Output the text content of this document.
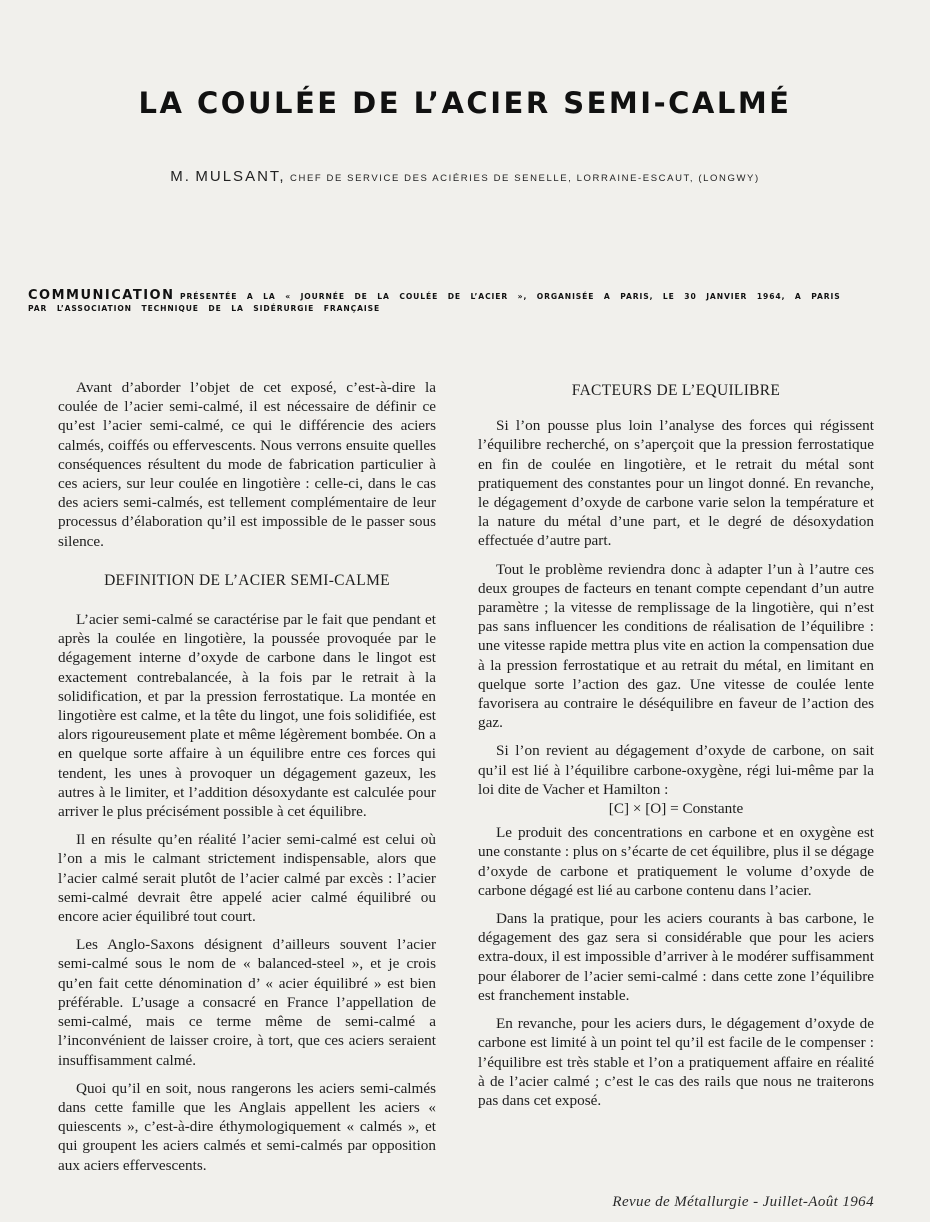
LA COULÉE DE L’ACIER SEMI-CALMÉ
M. MULSANT, CHEF DE SERVICE DES ACIÉRIES DE SENELLE, LORRAINE-ESCAUT, (LONGWY)
COMMUNICATION PRÉSENTÉE A LA « JOURNÉE DE LA COULÉE DE L’ACIER », ORGANISÉE A PARIS, LE 30 JANVIER 1964, A PARIS
PAR L’ASSOCIATION TECHNIQUE DE LA SIDÉRURGIE FRANÇAISE

Avant d’aborder l’objet de cet exposé, c’est-à-dire la coulée de l’acier semi-calmé, il est nécessaire de définir ce qu’est l’acier semi-calmé, ce qui le différencie des aciers calmés, coiffés ou effervescents. Nous verrons ensuite quelles conséquences résultent du mode de fabrication particulier à ces aciers, sur leur coulée en lingotière : celle-ci, dans le cas des aciers semi-calmés, est tellement complémentaire de leur processus d’élaboration qu’il est impossible de le passer sous silence.

DEFINITION DE L’ACIER SEMI-CALME

L’acier semi-calmé se caractérise par le fait que pendant et après la coulée en lingotière, la poussée provoquée par le dégagement interne d’oxyde de carbone dans le lingot est exactement contrebalancée, à la fois par le retrait à la solidification, et par la pression ferrostatique. La montée en lingotière est calme, et la tête du lingot, une fois solidifiée, est alors rigoureusement plate et même légèrement bombée. On a en quelque sorte affaire à un équilibre entre ces forces qui tendent, les unes à provoquer un dégagement gazeux, les autres à le limiter, et l’addition désoxydante est calculée pour arriver le plus précisément possible à cet équilibre.

Il en résulte qu’en réalité l’acier semi-calmé est celui où l’on a mis le calmant strictement indispensable, alors que l’acier calmé serait plutôt de l’acier calmé par excès : l’acier semi-calmé devrait être appelé acier calmé équilibré ou encore acier équilibré tout court.

Les Anglo-Saxons désignent d’ailleurs souvent l’acier semi-calmé sous le nom de « balanced-steel », et je crois qu’en fait cette dénomination d’ « acier équilibré » est bien préférable. L’usage a consacré en France l’appellation de semi-calmé, mais ce terme même de semi-calmé a l’inconvénient de laisser croire, à tort, que ces aciers seraient insuffisamment calmé.

Quoi qu’il en soit, nous rangerons les aciers semi-calmés dans cette famille que les Anglais appellent les aciers « quiescents », c’est-à-dire éthymologiquement « calmés », et qui groupent les aciers calmés et semi-calmés par opposition aux aciers effervescents.

FACTEURS DE L’EQUILIBRE

Si l’on pousse plus loin l’analyse des forces qui régissent l’équilibre recherché, on s’aperçoit que la pression ferrostatique en fin de coulée en lingotière, et le retrait du métal sont pratiquement des constantes pour un lingot donné. En revanche, le dégagement d’oxyde de carbone varie selon la température et la nature du métal d’une part, et le degré de désoxydation effectuée d’autre part.

Tout le problème reviendra donc à adapter l’un à l’autre ces deux groupes de facteurs en tenant compte cependant d’un autre paramètre ; la vitesse de remplissage de la lingotière, qui n’est pas sans influencer les conditions de réalisation de l’équilibre : une vitesse rapide mettra plus vite en action la compensation due à la pression ferrostatique et au retrait du métal, en limitant en quelque sorte l’action des gaz. Une vitesse de coulée lente favorisera au contraire le déséquilibre en faveur de l’action des gaz.

Si l’on revient au dégagement d’oxyde de carbone, on sait qu’il est lié à l’équilibre carbone-oxygène, régi lui-même par la loi dite de Vacher et Hamilton :

[C] × [O] = Constante

Le produit des concentrations en carbone et en oxygène est une constante : plus on s’écarte de cet équilibre, plus il se dégage d’oxyde de carbone et pratiquement le volume d’oxyde de carbone dégagé est lié au carbone contenu dans l’acier.

Dans la pratique, pour les aciers courants à bas carbone, le dégagement des gaz sera si considérable que pour les aciers extra-doux, il est impossible d’arriver à le modérer suffisamment pour élaborer de l’acier semi-calmé : dans cette zone l’équilibre est franchement instable.

En revanche, pour les aciers durs, le dégagement d’oxyde de carbone est limité à un point tel qu’il est facile de le compenser : l’équilibre est très stable et l’on a pratiquement affaire en réalité à de l’acier calmé ; c’est le cas des rails que nous ne traiterons pas dans cet exposé.

Revue de Métallurgie - Juillet-Août 1964
